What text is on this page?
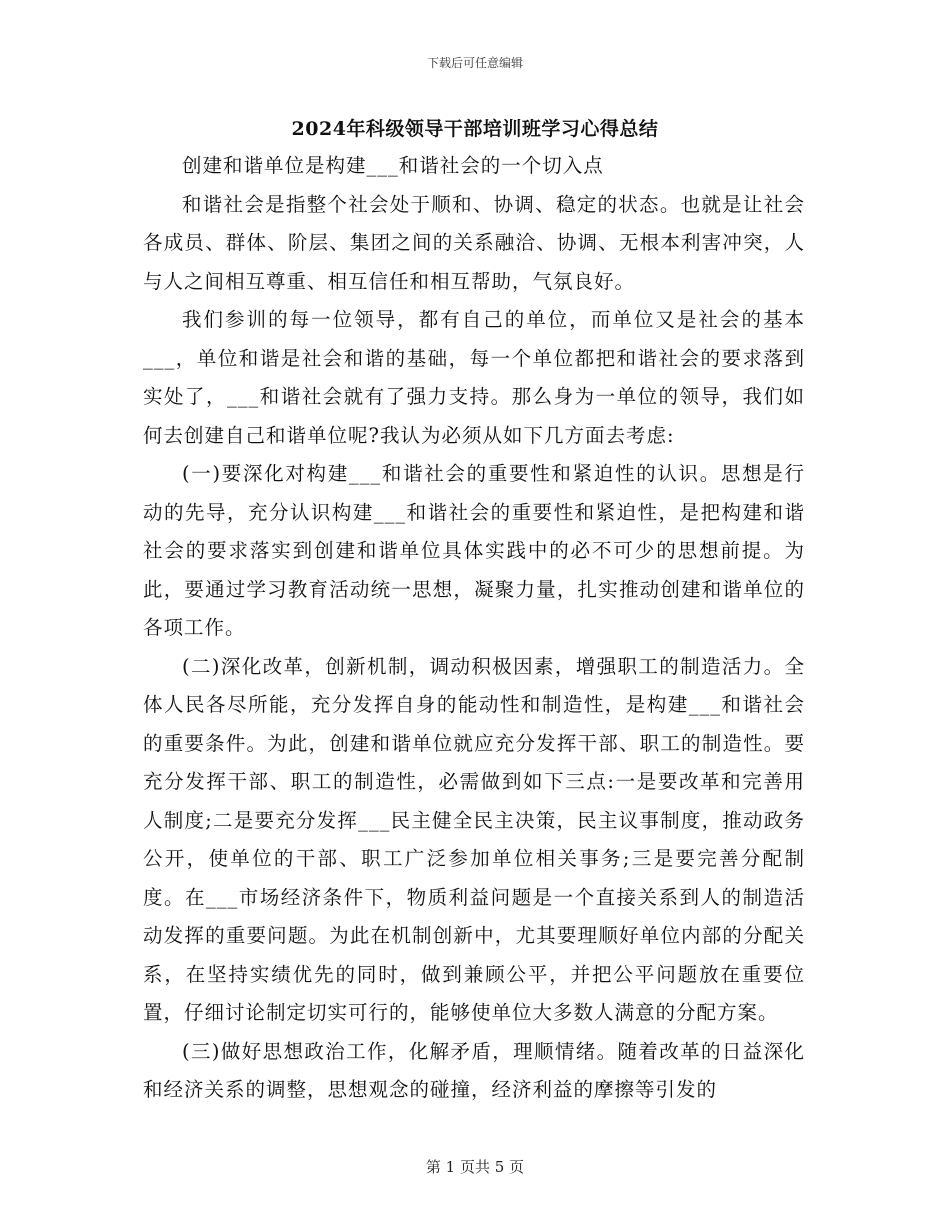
下载后可任意编辑
2024年科级领导干部培训班学习心得总结

创建和谐单位是构建___和谐社会的一个切入点

和谐社会是指整个社会处于顺和、协调、稳定的状态。也就是让社会各成员、群体、阶层、集团之间的关系融洽、协调、无根本利害冲突，人与人之间相互尊重、相互信任和相互帮助，气氛良好。

我们参训的每一位领导，都有自己的单位，而单位又是社会的基本___，单位和谐是社会和谐的基础，每一个单位都把和谐社会的要求落到实处了，___和谐社会就有了强力支持。那么身为一单位的领导，我们如何去创建自己和谐单位呢?我认为必须从如下几方面去考虑:

(一)要深化对构建___和谐社会的重要性和紧迫性的认识。思想是行动的先导，充分认识构建___和谐社会的重要性和紧迫性，是把构建和谐社会的要求落实到创建和谐单位具体实践中的必不可少的思想前提。为此，要通过学习教育活动统一思想，凝聚力量，扎实推动创建和谐单位的各项工作。

(二)深化改革，创新机制，调动积极因素，增强职工的制造活力。全体人民各尽所能，充分发挥自身的能动性和制造性，是构建___和谐社会的重要条件。为此，创建和谐单位就应充分发挥干部、职工的制造性。要充分发挥干部、职工的制造性，必需做到如下三点:一是要改革和完善用人制度;二是要充分发挥___民主健全民主决策，民主议事制度，推动政务公开，使单位的干部、职工广泛参加单位相关事务;三是要完善分配制度。在___市场经济条件下，物质利益问题是一个直接关系到人的制造活动发挥的重要问题。为此在机制创新中，尤其要理顺好单位内部的分配关系，在坚持实绩优先的同时，做到兼顾公平，并把公平问题放在重要位置，仔细讨论制定切实可行的，能够使单位大多数人满意的分配方案。

(三)做好思想政治工作，化解矛盾，理顺情绪。随着改革的日益深化和经济关系的调整，思想观念的碰撞，经济利益的摩擦等引发的

第 1 页共 5 页
